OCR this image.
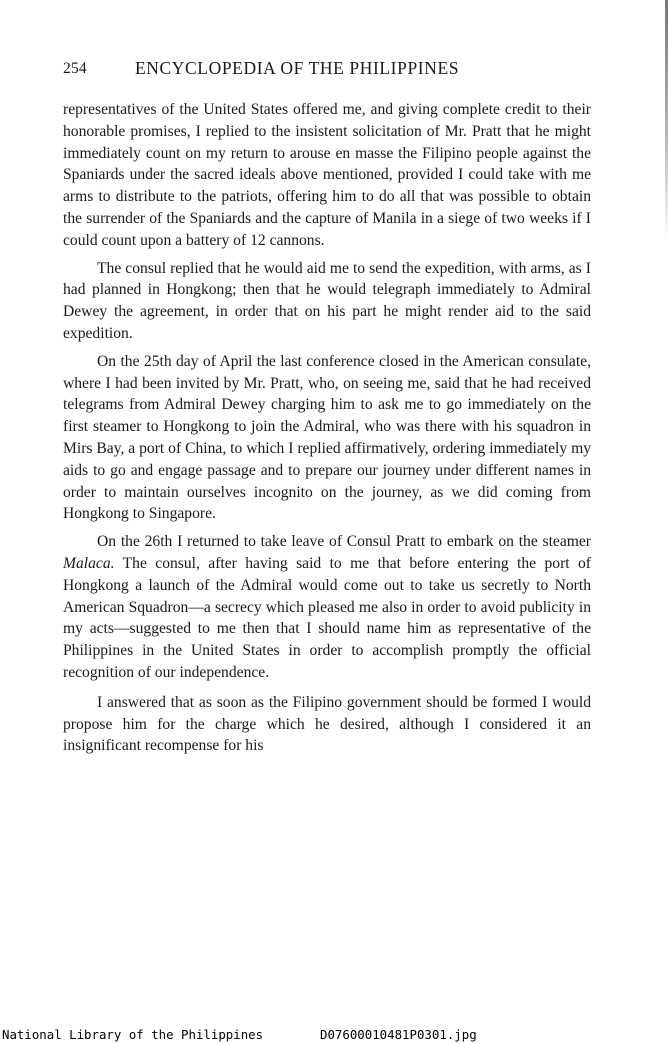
254	ENCYCLOPEDIA OF THE PHILIPPINES

representatives of the United States offered me, and giving complete credit to their honorable promises, I replied to the insistent solicitation of Mr. Pratt that he might immediately count on my return to arouse en masse the Filipino people against the Spaniards under the sacred ideals above mentioned, provided I could take with me arms to distribute to the patriots, offering him to do all that was possible to obtain the surrender of the Spaniards and the capture of Manila in a siege of two weeks if I could count upon a battery of 12 cannons.

The consul replied that he would aid me to send the expedition, with arms, as I had planned in Hongkong; then that he would telegraph immediately to Admiral Dewey the agreement, in order that on his part he might render aid to the said expedition.

On the 25th day of April the last conference closed in the American consulate, where I had been invited by Mr. Pratt, who, on seeing me, said that he had received telegrams from Admiral Dewey charging him to ask me to go immediately on the first steamer to Hongkong to join the Admiral, who was there with his squadron in Mirs Bay, a port of China, to which I replied affirmatively, ordering immediately my aids to go and engage passage and to prepare our journey under different names in order to maintain ourselves incognito on the journey, as we did coming from Hongkong to Singapore.

On the 26th I returned to take leave of Consul Pratt to embark on the steamer Malaca. The consul, after having said to me that before entering the port of Hongkong a launch of the Admiral would come out to take us secretly to North American Squadron—a secrecy which pleased me also in order to avoid publicity in my acts—suggested to me then that I should name him as representative of the Philippines in the United States in order to accomplish promptly the official recognition of our independence.

I answered that as soon as the Filipino government should be formed I would propose him for the charge which he desired, although I considered it an insignificant recompense for his

National Library of the Philippines	D07600010481P0301.jpg
